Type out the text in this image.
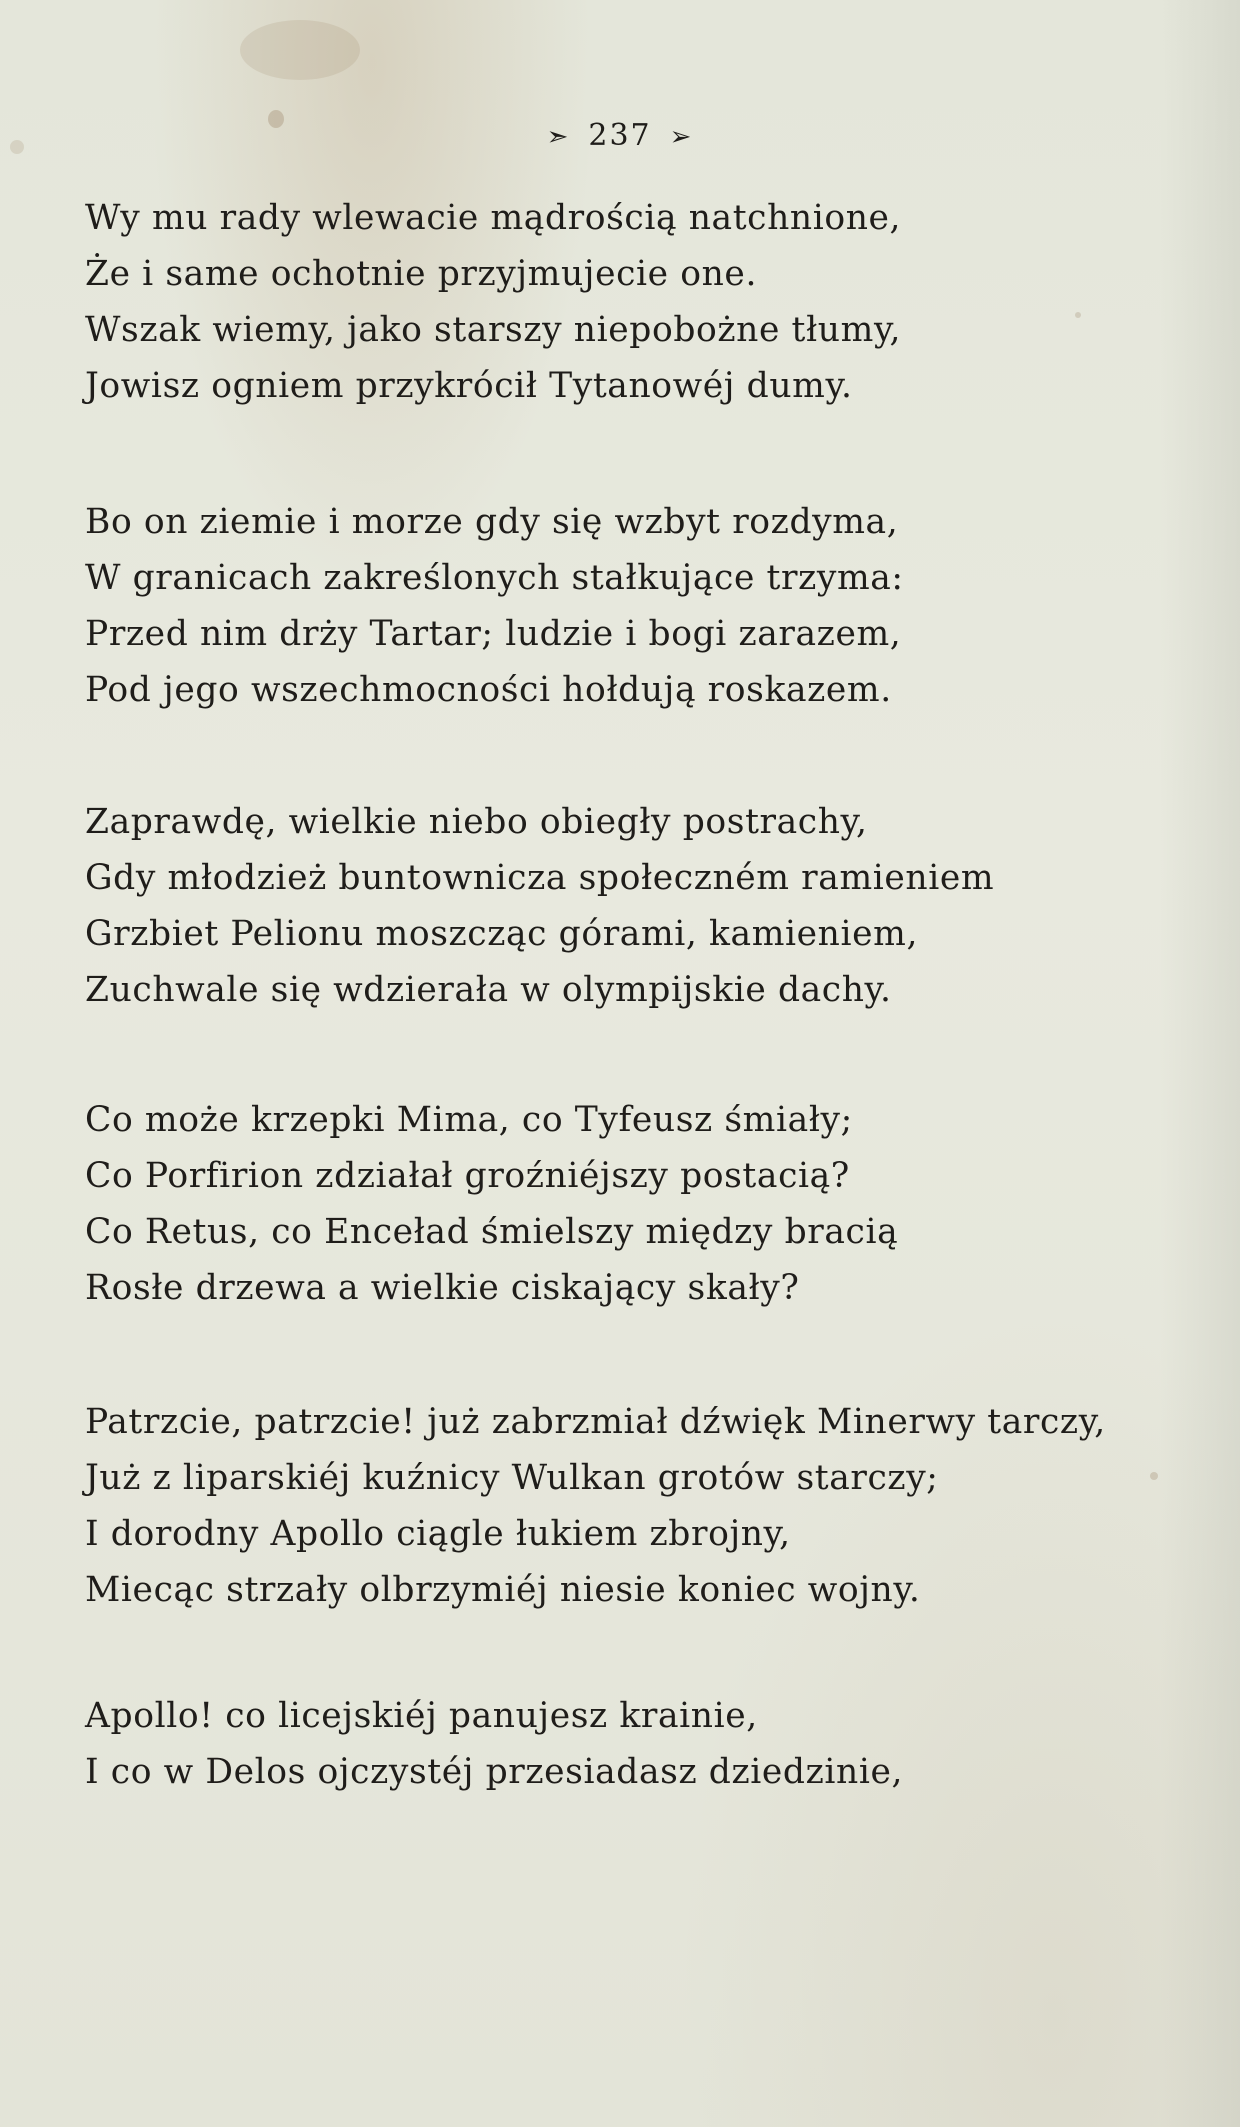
➣ 237 ➢
Wy mu rady wlewacie mądrością natchnione,
Że i same ochotnie przyjmujecie one.
Wszak wiemy, jako starszy niepobożne tłumy,
Jowisz ogniem przykrócił Tytanowéj dumy.
Bo on ziemie i morze gdy się wzbyt rozdyma,
W granicach zakreślonych stałkujące trzyma:
Przed nim drży Tartar; ludzie i bogi zarazem,
Pod jego wszechmocności hołdują roskazem.
Zaprawdę, wielkie niebo obiegły postrachy,
Gdy młodzież buntownicza społeczném ramieniem
Grzbiet Pelionu moszcząc górami, kamieniem,
Zuchwale się wdzierała w olympijskie dachy.
Co może krzepki Mima, co Tyfeusz śmiały;
Co Porfirion zdziałał groźniéjszy postacią?
Co Retus, co Enceład śmielszy między bracią
Rosłe drzewa a wielkie ciskający skały?
Patrzcie, patrzcie! już zabrzmiał dźwięk Minerwy tarczy,
Już z liparskiéj kuźnicy Wulkan grotów starczy;
I dorodny Apollo ciągle łukiem zbrojny,
Miecąc strzały olbrzymiéj niesie koniec wojny.
Apollo! co licejskiéj panujesz krainie,
I co w Delos ojczystéj przesiadasz dziedzinie,
